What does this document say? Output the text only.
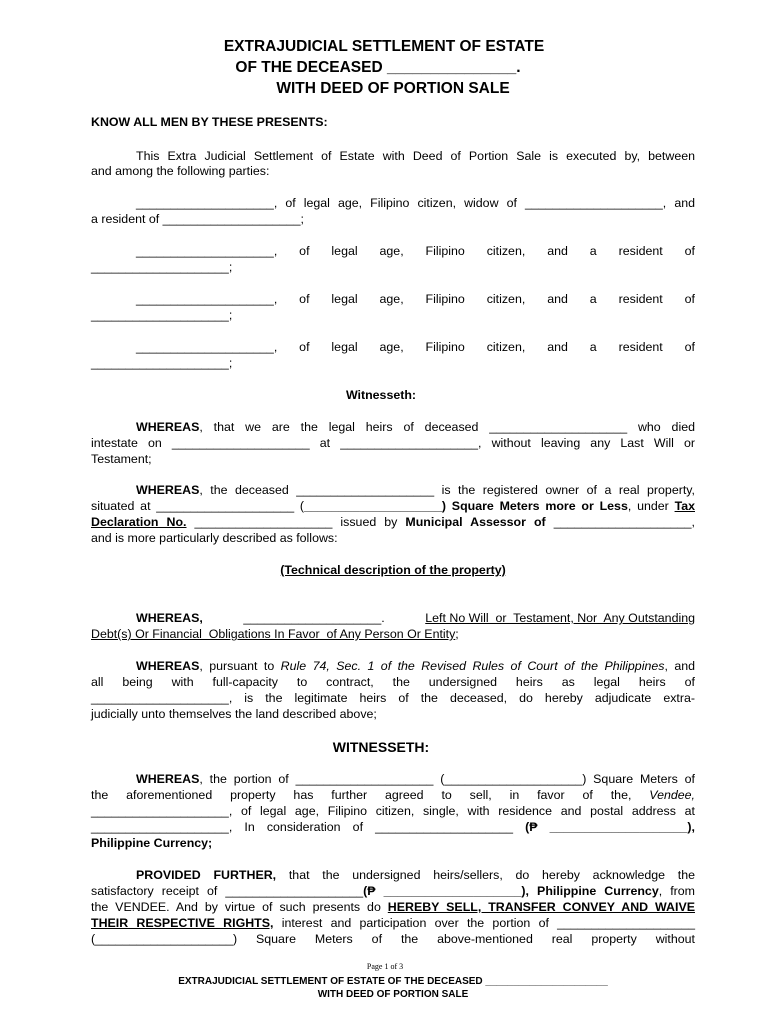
EXTRAJUDICIAL SETTLEMENT OF ESTATE
OF THE DECEASED _______________.
WITH DEED OF PORTION SALE
KNOW ALL MEN BY THESE PRESENTS:
This Extra Judicial Settlement of Estate with Deed of Portion Sale is executed by, between
and among the following parties:
____________________, of legal age, Filipino citizen, widow of ____________________, and
a resident of ____________________;
____________________, of legal age, Filipino citizen, and a resident of
____________________;
____________________, of legal age, Filipino citizen, and a resident of
____________________;
____________________, of legal age, Filipino citizen, and a resident of
____________________;
Witnesseth:
WHEREAS, that we are the legal heirs of deceased ____________________ who died
intestate on ____________________ at ____________________, without leaving any Last Will or
Testament;
WHEREAS, the deceased ____________________ is the registered owner of a real property,
situated at ____________________ (____________________) Square Meters more or Less, under Tax
Declaration No. ____________________ issued by Municipal Assessor of ____________________,
and is more particularly described as follows:
(Technical description of the property)
WHEREAS,	____________________.	Left No Will  or  Testament, Nor  Any Outstanding
Debt(s) Or Financial  Obligations In Favor  of Any Person Or Entity;
WHEREAS, pursuant to Rule 74, Sec. 1 of the Revised Rules of Court of the Philippines, and
all being with full-capacity to contract, the undersigned heirs as legal heirs of
____________________, is the legitimate heirs of the deceased, do hereby adjudicate extra-
judicially unto themselves the land described above;
WITNESSETH:
WHEREAS, the portion of ____________________ (____________________) Square Meters of
the aforementioned property has further agreed to sell, in favor of the, Vendee,
____________________, of legal age, Filipino citizen, single, with residence and postal address at
____________________, In consideration of ____________________ (₱ ____________________),
Philippine Currency;
PROVIDED FURTHER, that the undersigned heirs/sellers, do hereby acknowledge the
satisfactory receipt of ____________________(₱ ____________________), Philippine Currency, from
the VENDEE. And by virtue of such presents do HEREBY SELL, TRANSFER CONVEY AND WAIVE
THEIR RESPECTIVE RIGHTS, interest and participation over the portion of ____________________
(____________________) Square Meters of the above-mentioned real property without
Page 1 of 3
EXTRAJUDICIAL SETTLEMENT OF ESTATE OF THE DECEASED ______________________
WITH DEED OF PORTION SALE
